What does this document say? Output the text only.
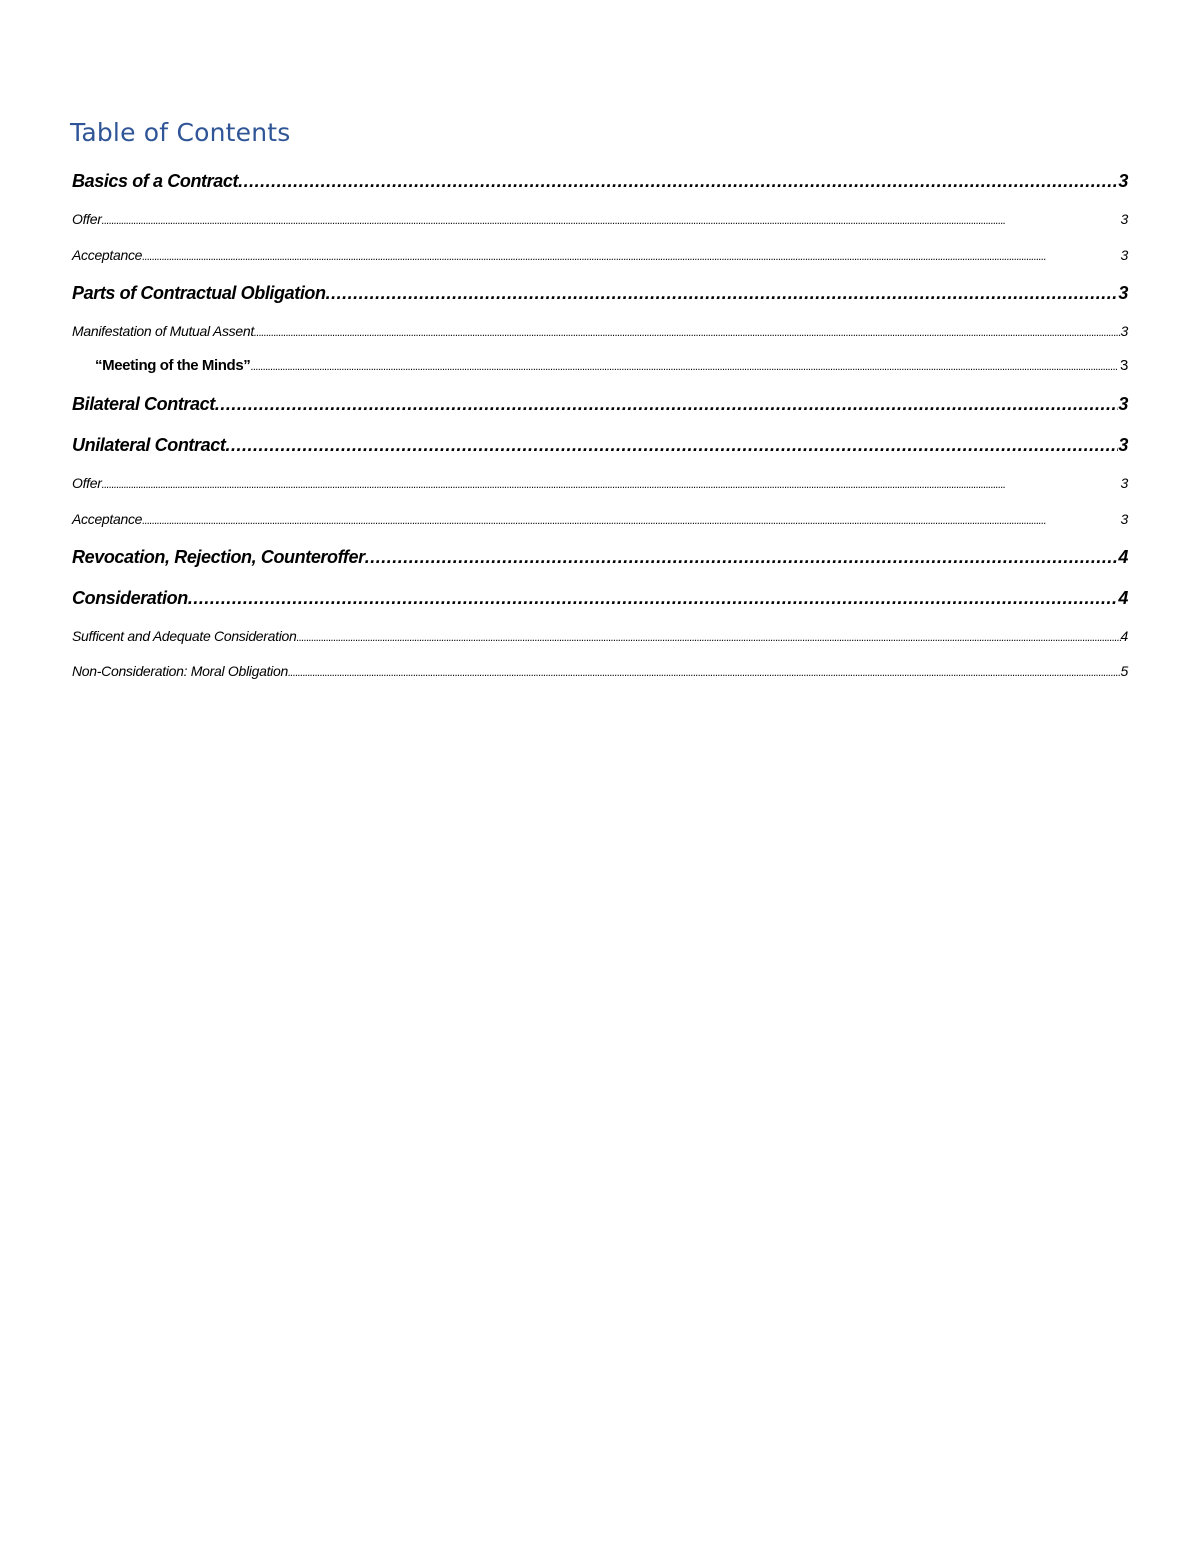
Table of Contents
Basics of a Contract .....	3
Offer .....	3
Acceptance .....	3
Parts of Contractual Obligation .....	3
Manifestation of Mutual Assent .....	3
“Meeting of the Minds” .....	3
Bilateral Contract .....	3
Unilateral Contract .....	3
Offer .....	3
Acceptance .....	3
Revocation, Rejection, Counteroffer .....	4
Consideration .....	4
Sufficent and Adequate Consideration .....	4
Non-Consideration: Moral Obligation .....	5
